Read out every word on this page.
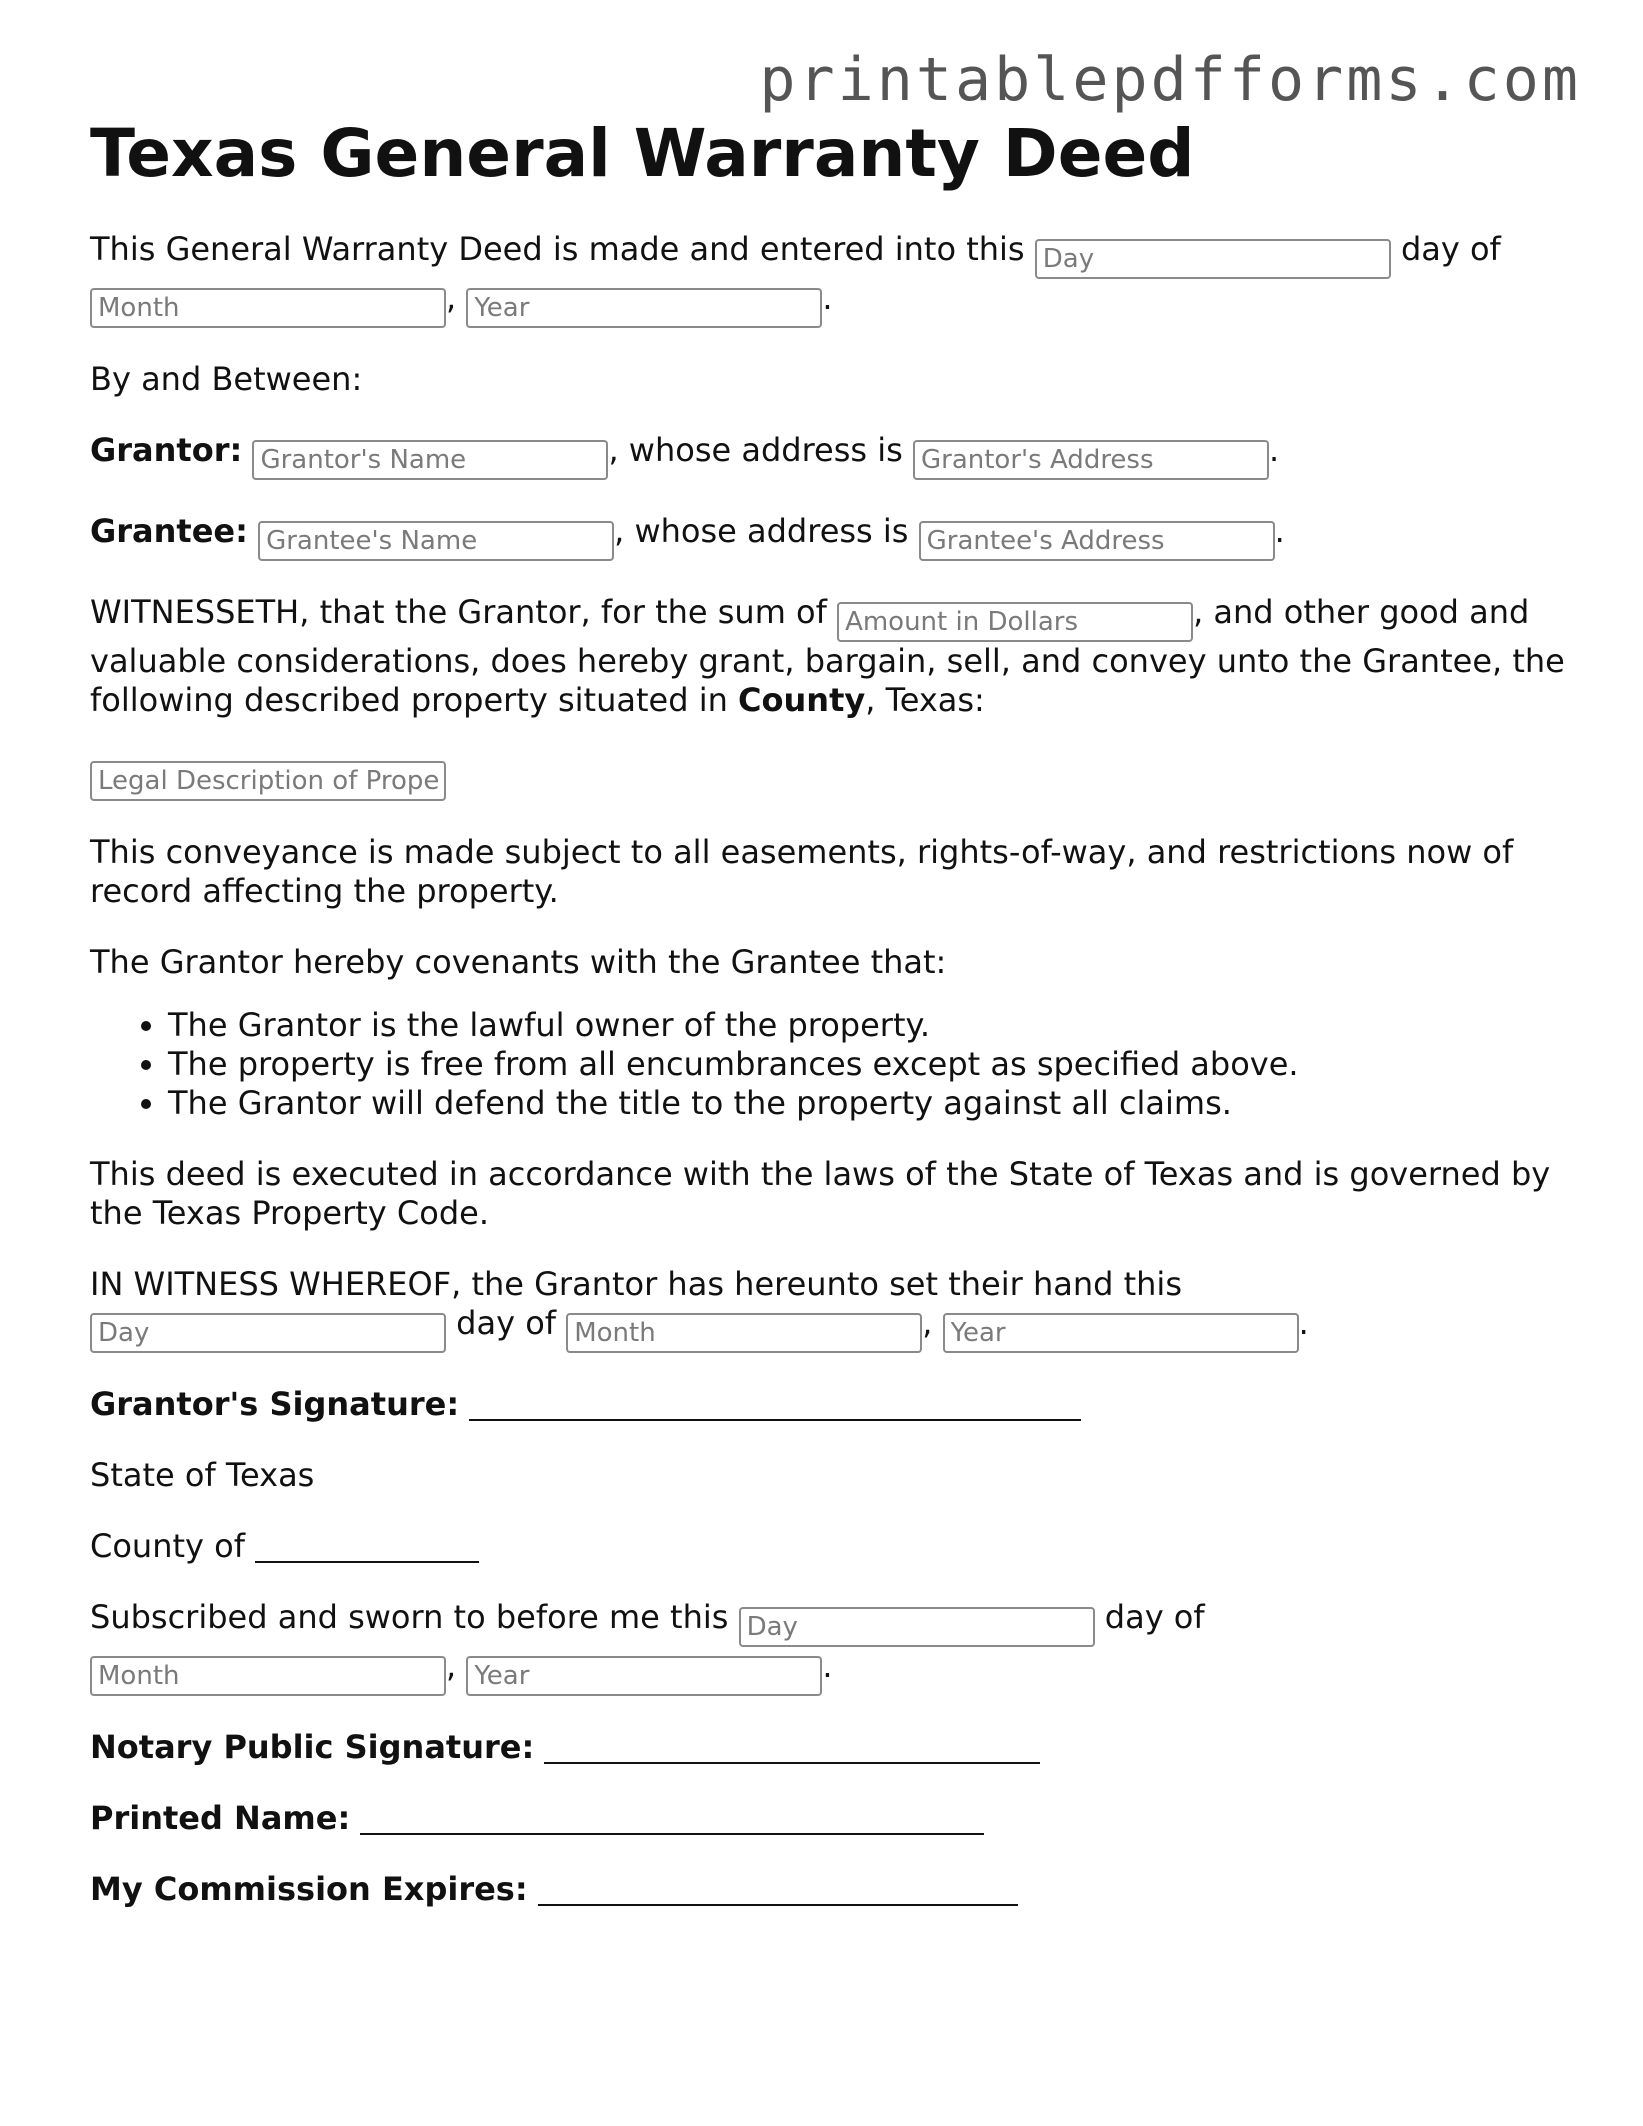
printablepdfforms.com
Texas General Warranty Deed

This General Warranty Deed is made and entered into this Day	day of
Month, Year	.

By and Between:

Grantor: Grantor's Name	, whose address is Grantor's Address	.

Grantee: Grantee's Name	, whose address is Grantee's Address	.

WITNESSETH, that the Grantor, for the sum of Amount in Dollars	, and other good and valuable considerations, does hereby grant, bargain, sell, and convey unto the Grantee, the following described property situated in County, Texas:

Legal Description of Property

This conveyance is made subject to all easements, rights-of-way, and restrictions now of record affecting the property.

The Grantor hereby covenants with the Grantee that:

• The Grantor is the lawful owner of the property.
• The property is free from all encumbrances except as specified above.
• The Grantor will defend the title to the property against all claims.

This deed is executed in accordance with the laws of the State of Texas and is governed by the Texas Property Code.

IN WITNESS WHEREOF, the Grantor has hereunto set their hand this
Day day of Month	, Year	.

Grantor's Signature:

State of Texas

County of

Subscribed and sworn to before me this Day	day of
Month, Year	.

Notary Public Signature:

Printed Name:

My Commission Expires:
